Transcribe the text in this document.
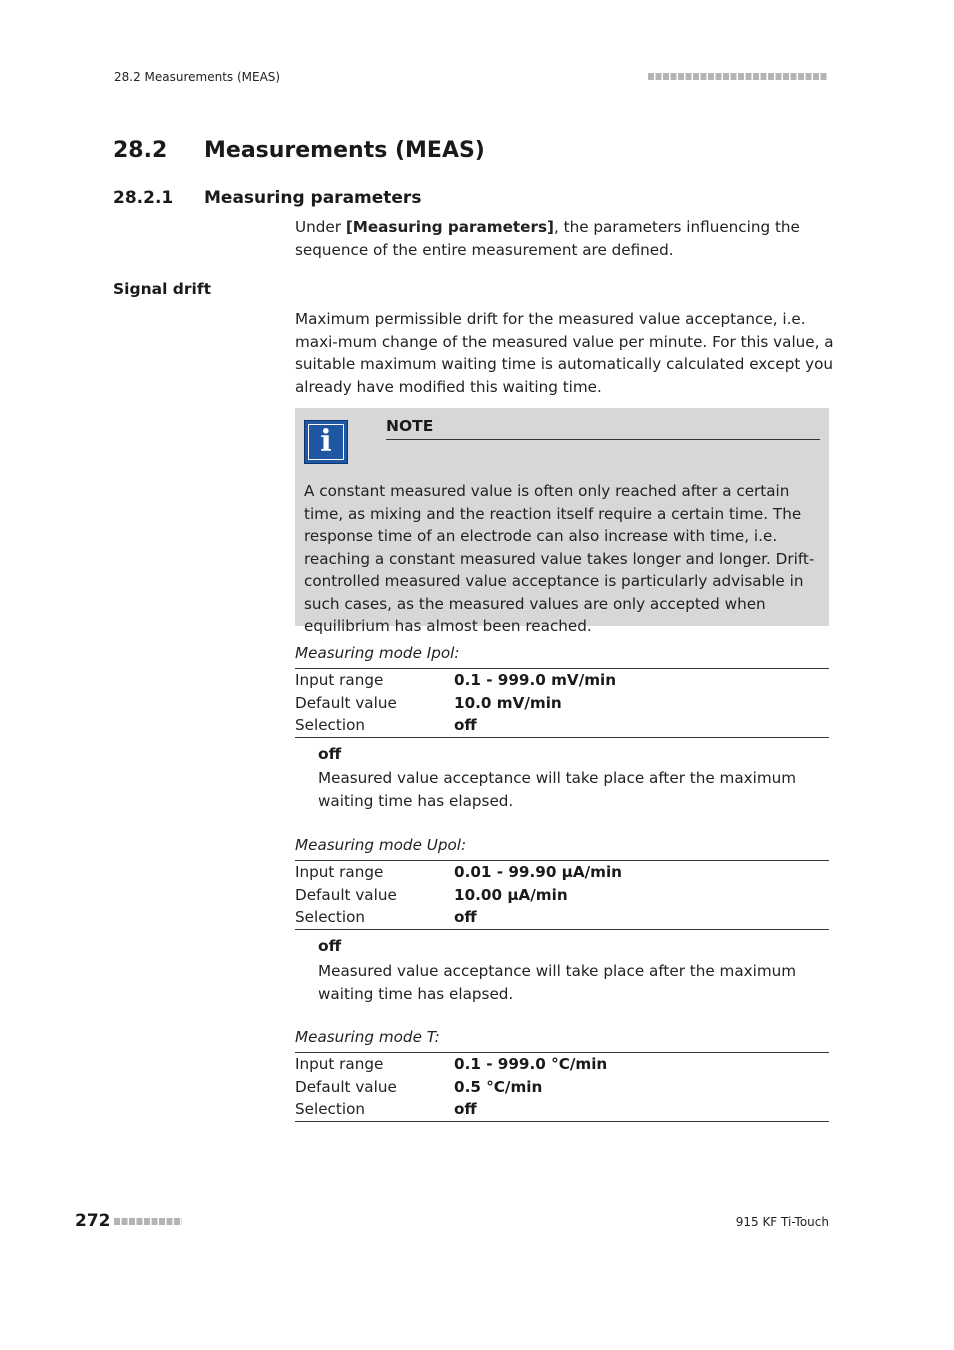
28.2 Measurements (MEAS)
28.2 Measurements (MEAS)
28.2.1 Measuring parameters
Under [Measuring parameters], the parameters influencing the sequence of the entire measurement are defined.
Signal drift
Maximum permissible drift for the measured value acceptance, i.e. maxi-mum change of the measured value per minute. For this value, a suitable maximum waiting time is automatically calculated except you already have modified this waiting time.
i	NOTE
A constant measured value is often only reached after a certain time, as mixing and the reaction itself require a certain time. The response time of an electrode can also increase with time, i.e. reaching a constant measured value takes longer and longer. Drift-controlled measured value acceptance is particularly advisable in such cases, as the measured values are only accepted when equilibrium has almost been reached.
Measuring mode Ipol:
Input range	0.1 - 999.0 mV/min
Default value	10.0 mV/min
Selection	off
off
Measured value acceptance will take place after the maximum waiting time has elapsed.
Measuring mode Upol:
Input range	0.01 - 99.90 µA/min
Default value	10.00 µA/min
Selection	off
off
Measured value acceptance will take place after the maximum waiting time has elapsed.
Measuring mode T:
Input range	0.1 - 999.0 °C/min
Default value	0.5 °C/min
Selection	off
272	915 KF Ti-Touch
